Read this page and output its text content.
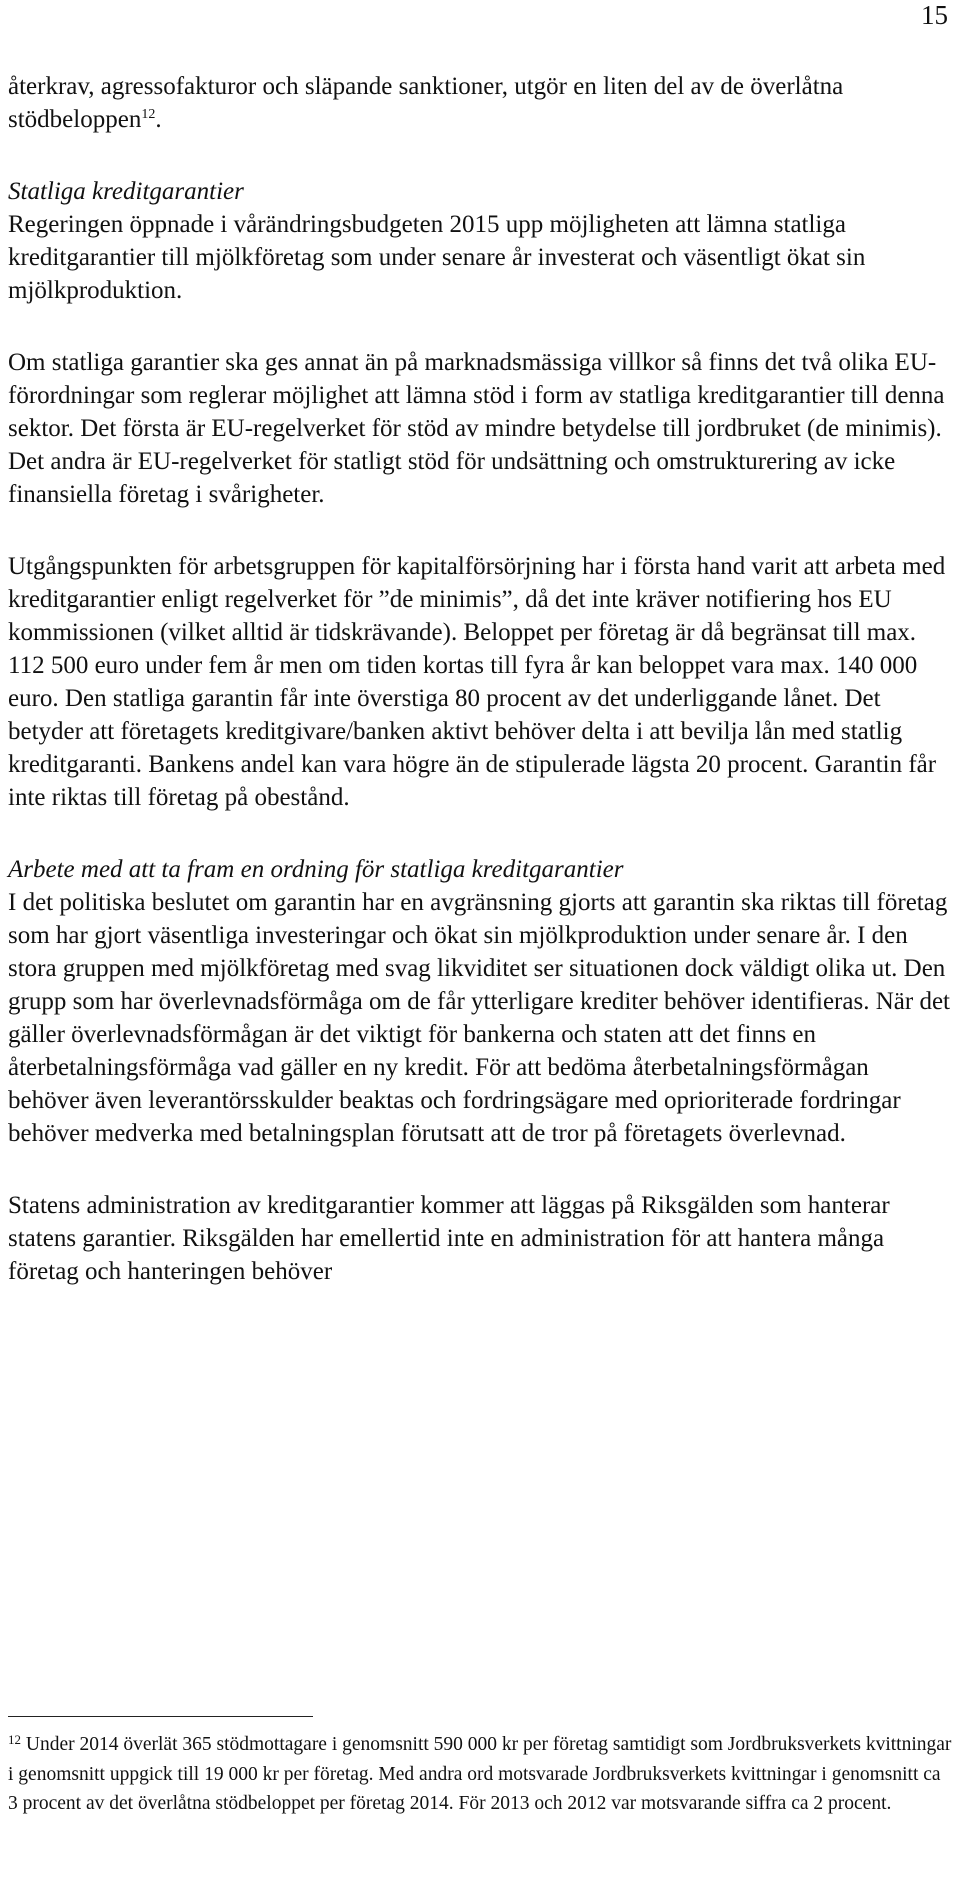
15

återkrav, agressofakturor och släpande sanktioner, utgör en liten del av de överlåtna stödbeloppen$^{12}$.

Statliga kreditgarantier

Regeringen öppnade i vårändringsbudgeten 2015 upp möjligheten att lämna statliga kreditgarantier till mjölkföretag som under senare år investerat och väsentligt ökat sin mjölkproduktion.

Om statliga garantier ska ges annat än på marknadsmässiga villkor så finns det två olika EU-förordningar som reglerar möjlighet att lämna stöd i form av statliga kreditgarantier till denna sektor. Det första är EU-regelverket för stöd av mindre betydelse till jordbruket (de minimis). Det andra är EU-regelverket för statligt stöd för undsättning och omstrukturering av icke finansiella företag i svårigheter.

Utgångspunkten för arbetsgruppen för kapitalförsörjning har i första hand varit att arbeta med kreditgarantier enligt regelverket för ”de minimis”, då det inte kräver notifiering hos EU kommissionen (vilket alltid är tidskrävande). Beloppet per företag är då begränsat till max. 112 500 euro under fem år men om tiden kortas till fyra år kan beloppet vara max. 140 000 euro. Den statliga garantin får inte överstiga 80 procent av det underliggande lånet. Det betyder att företagets kreditgivare/banken aktivt behöver delta i att bevilja lån med statlig kreditgaranti. Bankens andel kan vara högre än de stipulerade lägsta 20 procent. Garantin får inte riktas till företag på obestånd.

Arbete med att ta fram en ordning för statliga kreditgarantier

I det politiska beslutet om garantin har en avgränsning gjorts att garantin ska riktas till företag som har gjort väsentliga investeringar och ökat sin mjölkproduktion under senare år. I den stora gruppen med mjölkföretag med svag likviditet ser situationen dock väldigt olika ut. Den grupp som har överlevnadsförmåga om de får ytterligare krediter behöver identifieras. När det gäller överlevnadsförmågan är det viktigt för bankerna och staten att det finns en återbetalningsförmåga vad gäller en ny kredit. För att bedöma återbetalningsförmågan behöver även leverantörsskulder beaktas och fordringsägare med oprioriterade fordringar behöver medverka med betalningsplan förutsatt att de tror på företagets överlevnad.

Statens administration av kreditgarantier kommer att läggas på Riksgälden som hanterar statens garantier. Riksgälden har emellertid inte en administration för att hantera många företag och hanteringen behöver

$^{12}$ Under 2014 överlät 365 stödmottagare i genomsnitt 590 000 kr per företag samtidigt som Jordbruksverkets kvittningar i genomsnitt uppgick till 19 000 kr per företag. Med andra ord motsvarade Jordbruksverkets kvittningar i genomsnitt ca 3 procent av det överlåtna stödbeloppet per företag 2014. För 2013 och 2012 var motsvarande siffra ca 2 procent.
